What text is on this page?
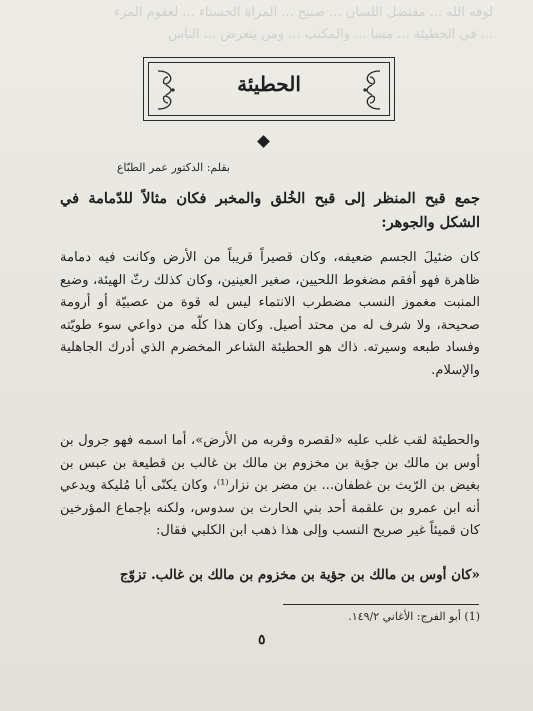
لوقه الله ... مفتضل اللسان ... صبيح ... المراة الحسناء ... لعقوم المرء
... في الحطيئة ... مسا ... والمكتب ... ومن يتعرض ... الناس
الحطيئة
بقلم: الدكتور عمر الطبّاع
جمع قبح المنظر إلى قبح الخُلق والمخبر فكان مثالاً للدّمامة في الشكل والجوهر:
كان ضئيلَ الجسم ضعيفه، وكان قصيراً قريباً من الأرض وكانت فيه دمامة ظاهرة فهو أفقم مضغوط اللحيين، صغير العينين، وكان كذلك رثّ الهيئة، وضيع المنبت مغموز النسب مضطرب الانتماء ليس له قوة من عصبيّة أو أرومة صحيحة، ولا شرف له من محتد أصيل. وكان هذا كلّه من دواعي سوء طويّته وفساد طبعه وسيرته. ذاك هو الحطيئة الشاعر المخضرم الذي أدرك الجاهلية والإسلام.
والحطيئة لقب غلب عليه «لقصره وقربه من الأرض»، أما اسمه فهو جرول بن أوس بن مالك بن جؤية بن مخزوم بن مالك بن غالب بن قطيعة بن عبس بن بغيض بن الرّيث بن غطفان... بن مضر بن نزار⁽¹⁾، وكان يكنّى أبا مُليكة ويدعي أنه ابن عمرو بن علقمة أحد بني الحارث بن سدوس، ولكنه بإجماع المؤرخين كان قميئاً غير صريح النسب وإلى هذا ذهب ابن الكلبي فقال:
«كان أوس بن مالك بن جؤية بن مخزوم بن مالك بن غالب. تزوّج
(1) أبو الفرج: الأغاني ١٤٩/٢.
٥
